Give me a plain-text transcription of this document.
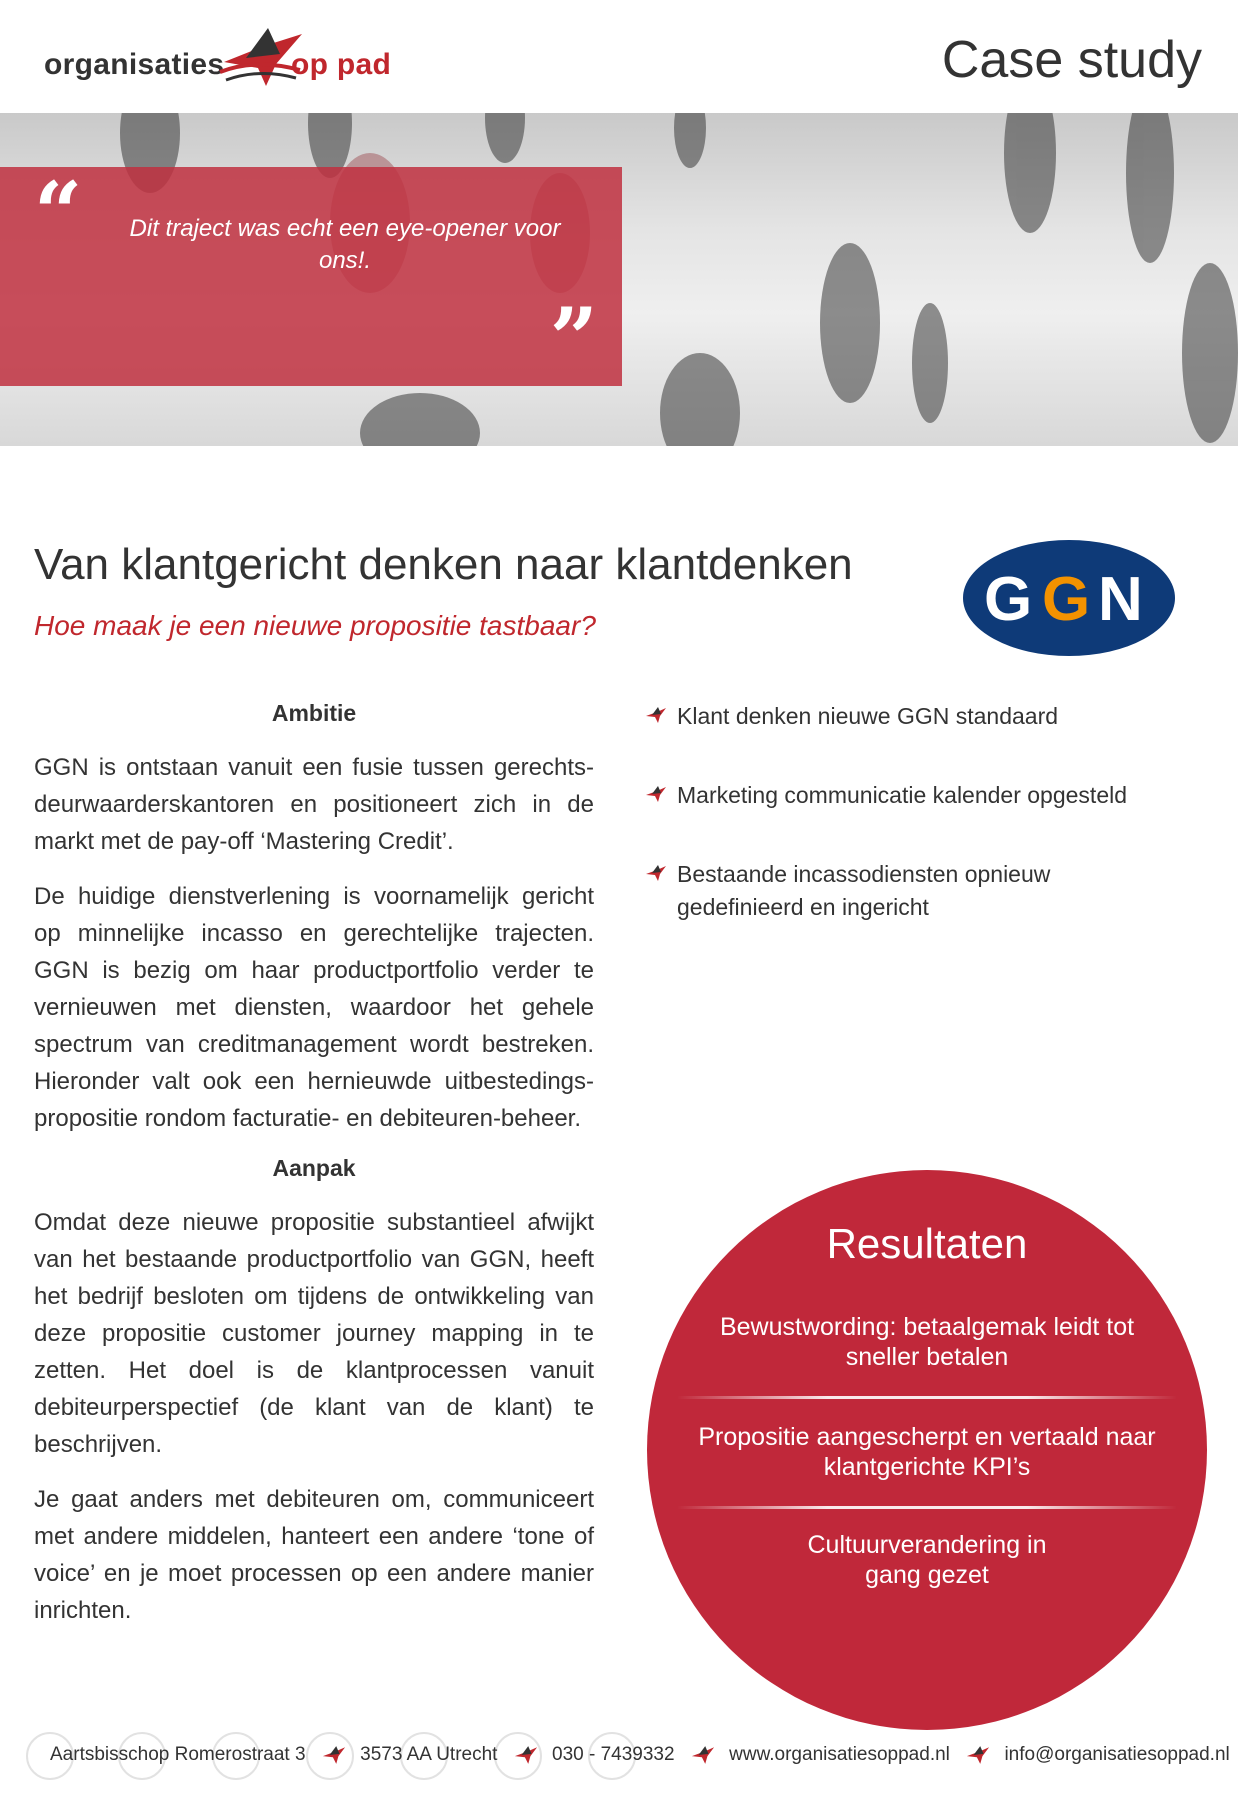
organisaties op pad	Case study
“	Dit traject was echt een eye-opener voor ons!.
”
Van klantgericht denken naar klantdenken
Hoe maak je een nieuwe propositie tastbaar?	G G N

Ambitie

GGN is ontstaan vanuit een fusie tussen gerechts-deurwaarderskantoren en positioneert zich in de markt met de pay-off ‘Mastering Credit’.

De huidige dienstverlening is voornamelijk gericht op minnelijke incasso en gerechtelijke trajecten. GGN is bezig om haar productportfolio verder te vernieuwen met diensten, waardoor het gehele spectrum van creditmanagement wordt bestreken. Hieronder valt ook een hernieuwde uitbestedings-propositie rondom facturatie- en debiteuren-beheer.

Aanpak

Omdat deze nieuwe propositie substantieel afwijkt van het bestaande productportfolio van GGN, heeft het bedrijf besloten om tijdens de ontwikkeling van deze propositie customer journey mapping in te zetten. Het doel is de klantprocessen vanuit debiteurperspectief (de klant van de klant) te beschrijven.

Je gaat anders met debiteuren om, communiceert met andere middelen, hanteert een andere ‘tone of voice’ en je moet processen op een andere manier inrichten.

Klant denken nieuwe GGN standaard
Marketing communicatie kalender opgesteld
Bestaande incassodiensten opnieuw gedefinieerd en ingericht
Resultaten
Bewustwording: betaalgemak leidt tot sneller betalen
Propositie aangescherpt en vertaald naar klantgerichte KPI’s
Cultuurverandering in gang gezet
Aartsbisschop Romerostraat 3	3573 AA Utrecht	030 - 7439332	www.organisatiesoppad.nl	info@organisatiesoppad.nl
